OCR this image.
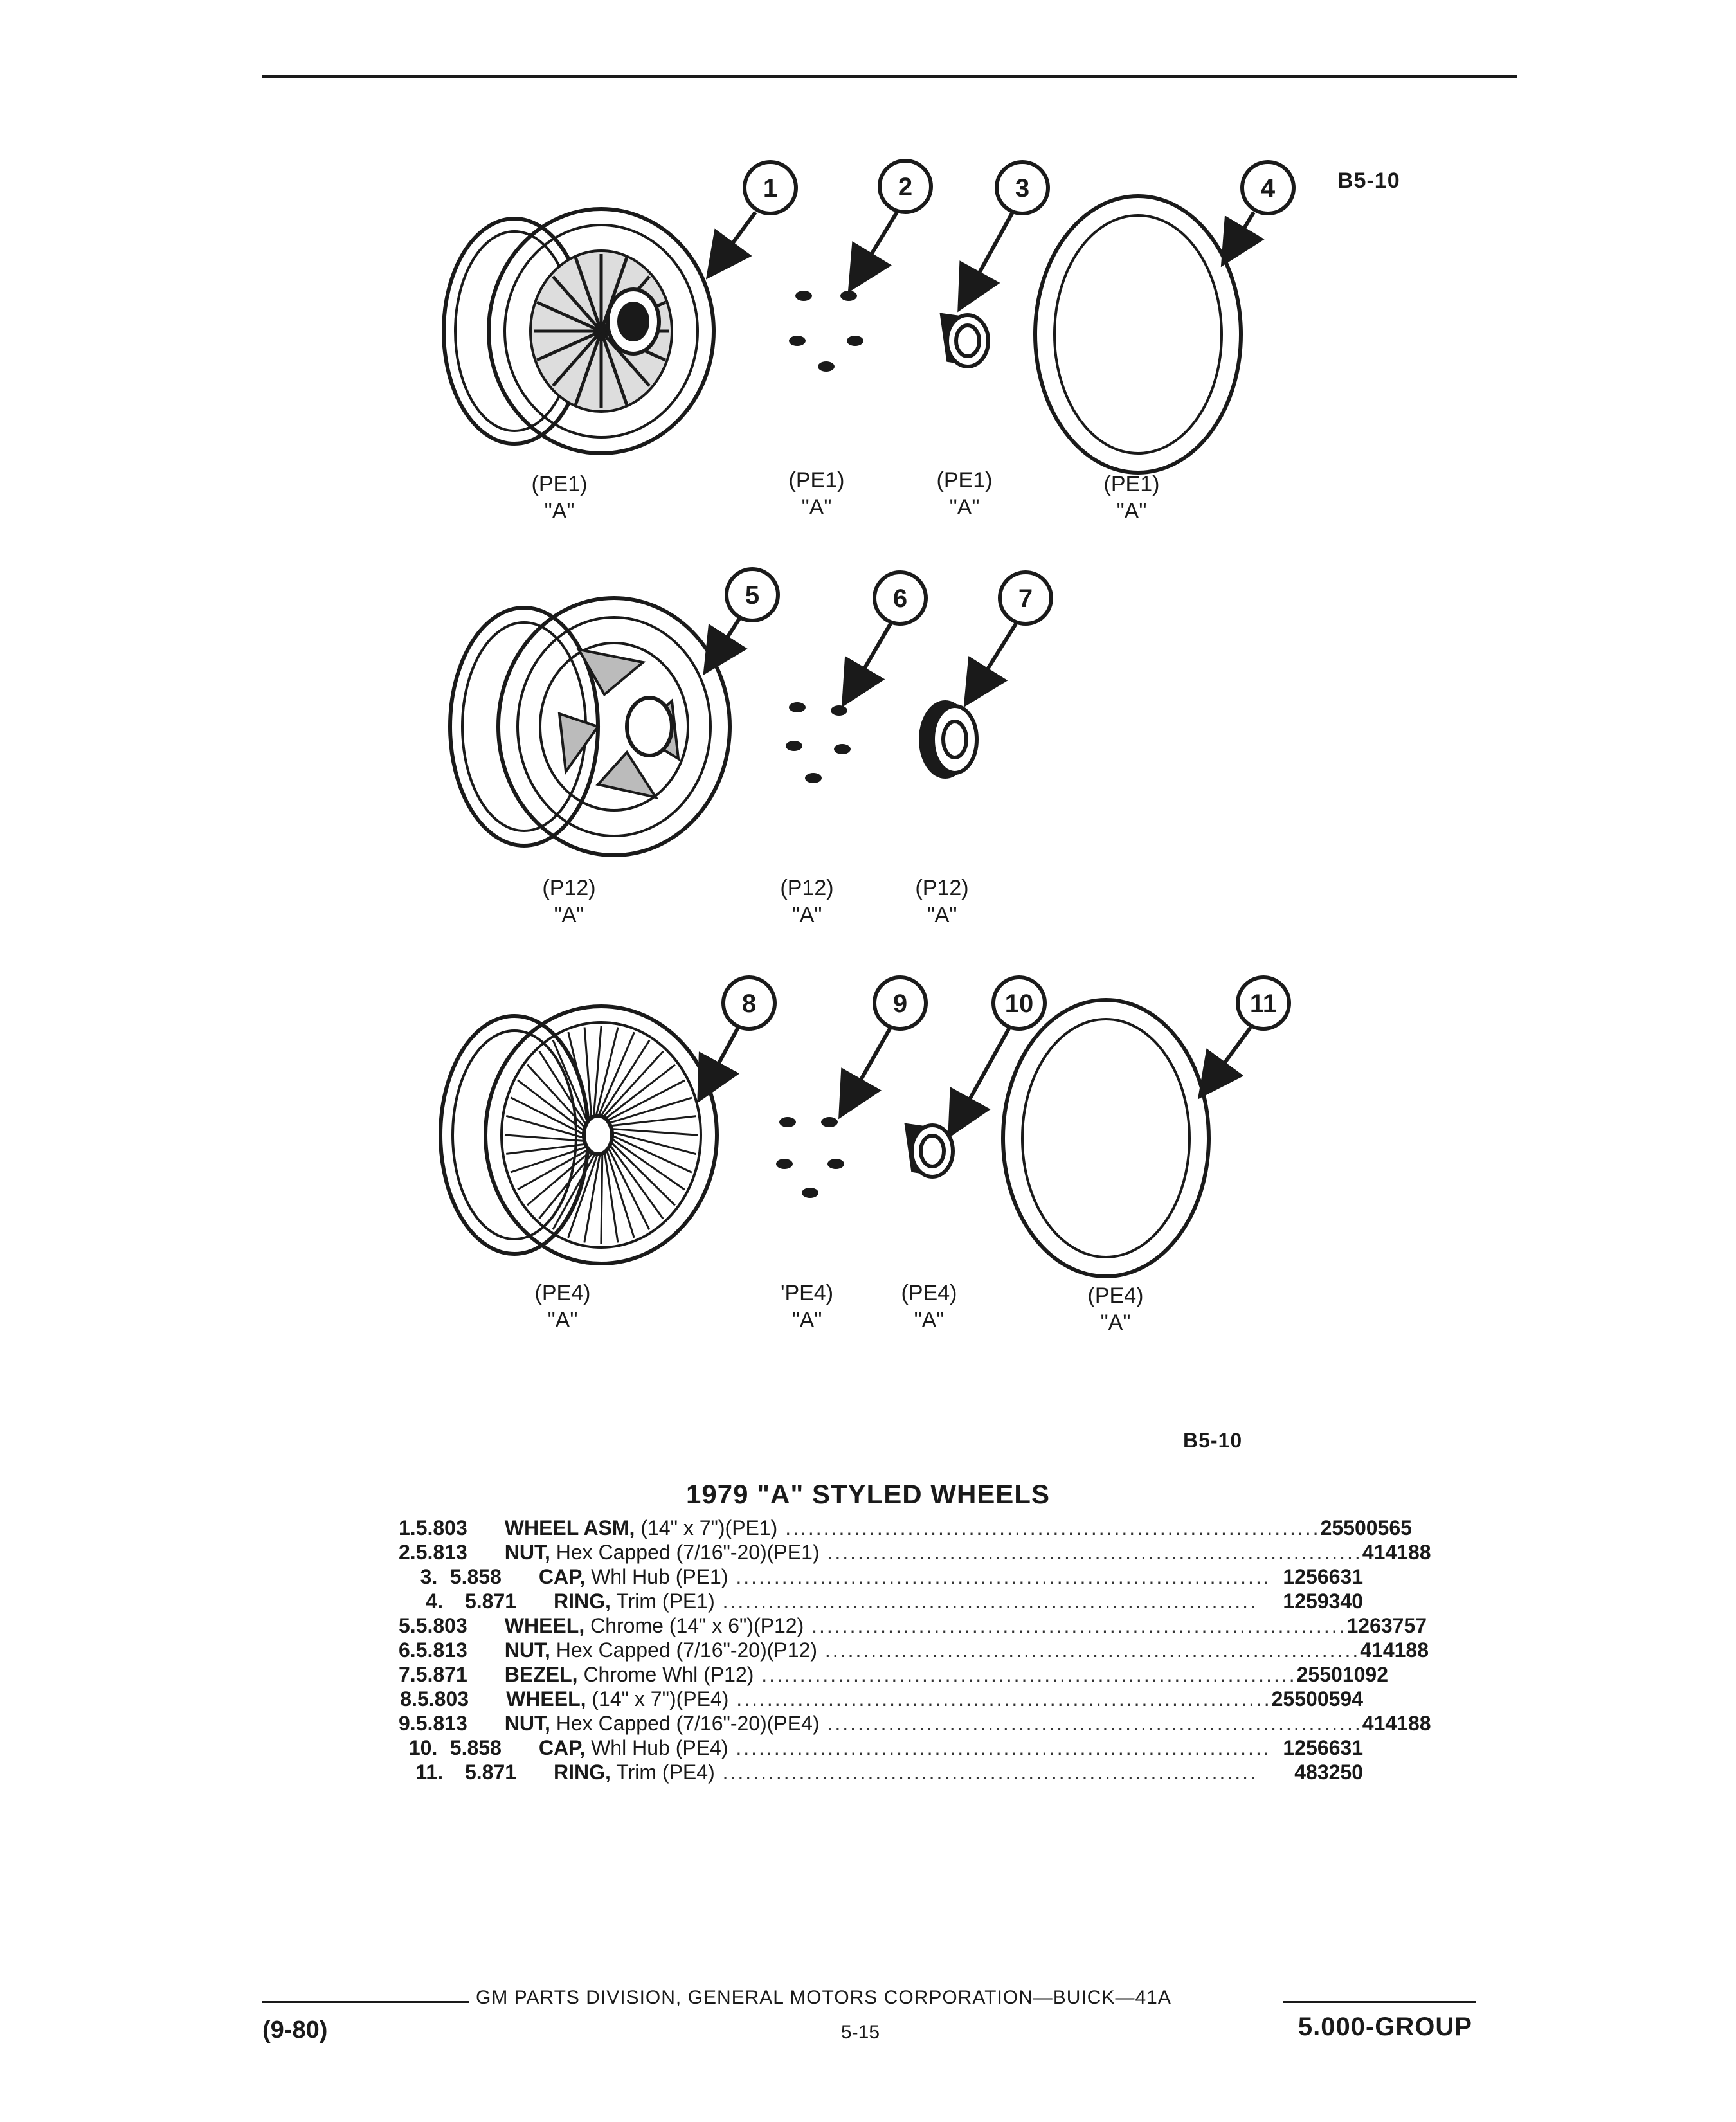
B5-10
1	2	3	4
5	6	7
8	9	10	11
(PE1)
"A"
(PE1)
"A"
(PE1)
"A"
(PE1)
"A"
(P12)
"A"
(P12)
"A"
(P12)
"A"
(PE4)
"A"
'PE4)
"A"
(PE4)
"A"
(PE4)
"A"
B5-10
1979 "A" STYLED WHEELS
1. 5.803 WHEEL ASM, (14" x 7")(PE1) ...................................................................... 25500565
2. 5.813 NUT, Hex Capped (7/16"-20)(PE1) ...................................................................... 414188
3. 5.858 CAP, Whl Hub (PE1) ...................................................................... 1256631
4.	5.871 RING, Trim (PE1) ......................................................................	1259340
5. 5.803 WHEEL, Chrome (14" x 6")(P12) ...................................................................... 1263757
6. 5.813 NUT, Hex Capped (7/16"-20)(P12) ...................................................................... 414188
7. 5.871 BEZEL, Chrome Whl (P12) ...................................................................... 25501092
8. 5.803 WHEEL, (14" x 7")(PE4) ...................................................................... 25500594
9. 5.813 NUT, Hex Capped (7/16"-20)(PE4) ...................................................................... 414188
10. 5.858 CAP, Whl Hub (PE4) ...................................................................... 1256631
11.	5.871 RING, Trim (PE4) ......................................................................	483250
GM PARTS DIVISION, GENERAL MOTORS CORPORATION—BUICK—41A
(9-80)	5-15	5.000-GROUP
